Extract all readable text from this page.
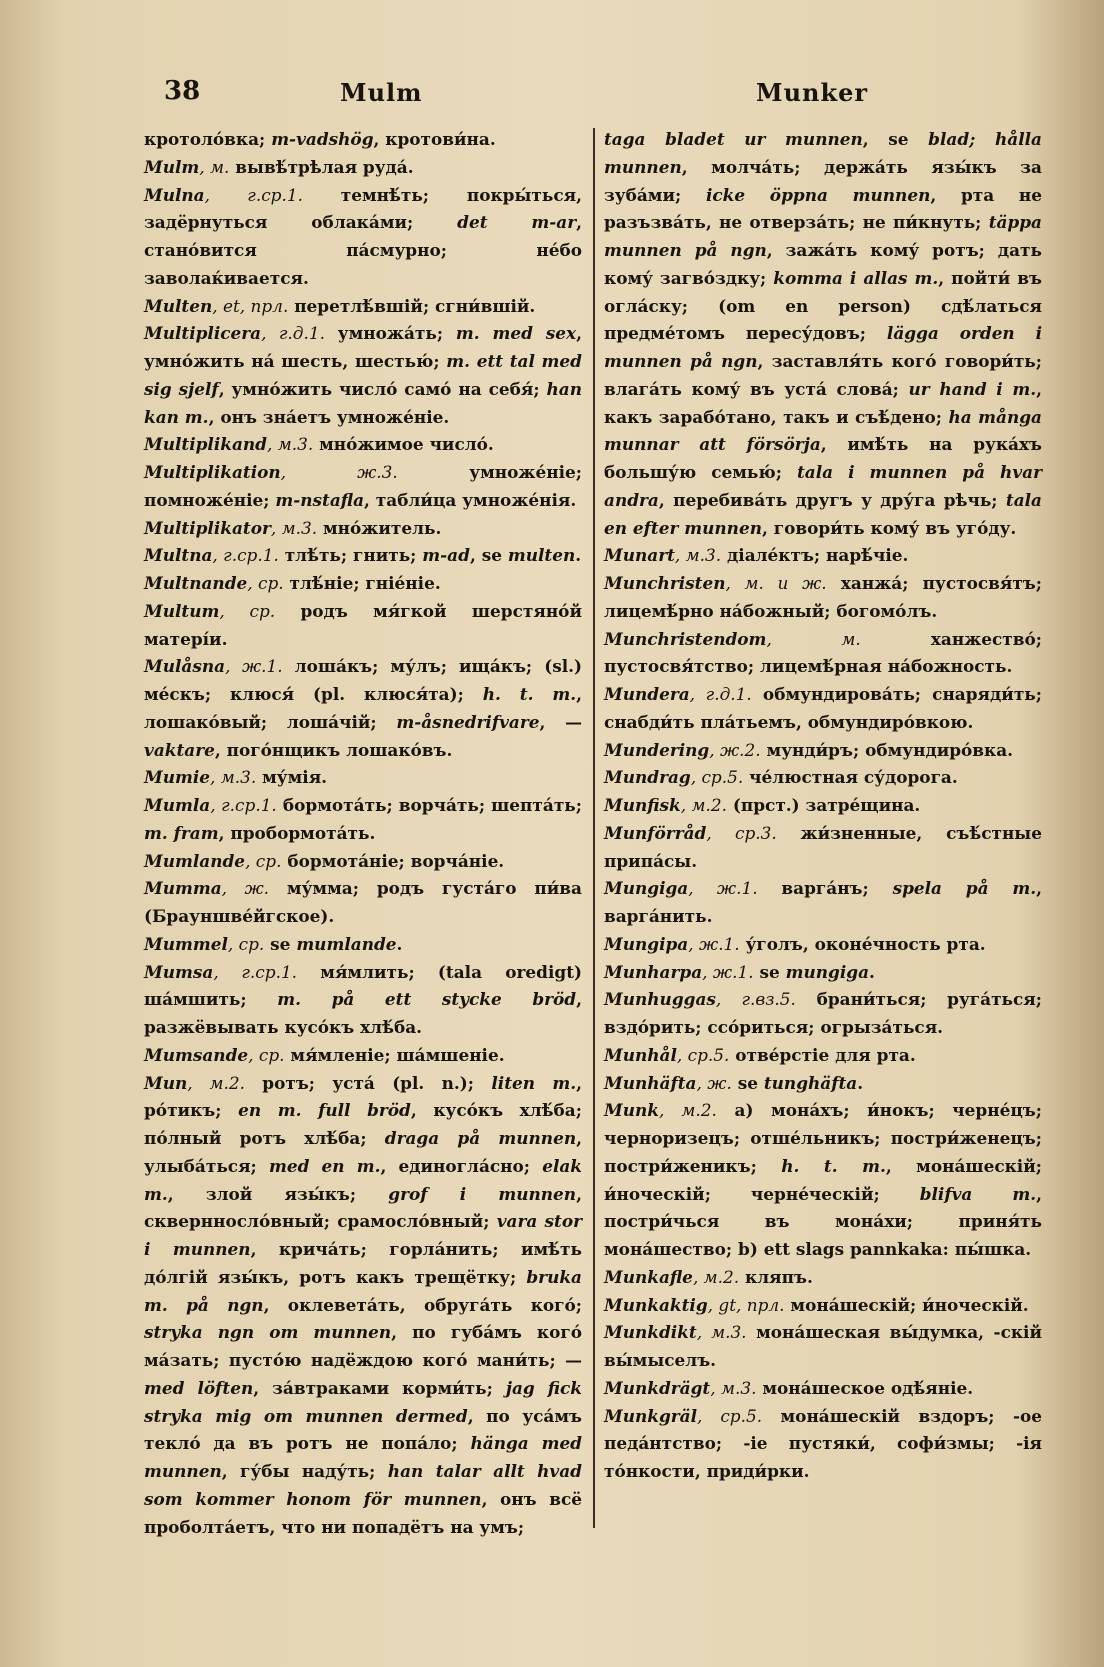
38	Mulm	Munker
кротоло́вка; m-vadshög, кротови́на.
Mulm, м. вывѣ́трѣлая руда́.
Mulna, г.ср.1. темнѣ́ть; покры́ться, задёрнуться облака́ми; det m-ar, стано́вится па́смурно; не́бо заволаќивается.
Multen, et, прл. перетлѣ́вшій; сгни́вшій.
Multiplicera, г.д.1. умножа́ть; m. med sex, умно́жить на́ шесть, шестью́; m. ett tal med sig sjelf, умно́жить число́ само́ на себя́; han kan m., онъ зна́етъ умноже́ніе.
Multiplikand, м.3. мно́жимое число́.
Multiplikation, ж.3. умноже́ніе; помноже́ніе; m-nstafla, табли́ца умноже́нія.
Multiplikator, м.3. мно́житель.
Multna, г.ср.1. тлѣ́ть; гнить; m-ad, se multen.
Multnande, ср. тлѣ́ніе; гніе́ніе.
Multum, ср. родъ мя́гкой шерстяно́й матерíи.
Mulåsna, ж.1. лоша́къ; му́лъ; ища́къ; (sl.) ме́скъ; клюся́ (pl. клюся́та); h. t. m., лошако́вый; лоша́чій; m-åsnedrifvare, — vaktare, пого́нщикъ лошако́въ.
Mumie, м.3. му́мія.
Mumla, г.ср.1. бормота́ть; ворча́ть; шепта́ть; m. fram, пробормота́ть.
Mumlande, ср. бормота́ніе; ворча́ніе.
Mumma, ж. му́мма; родъ густа́го пи́ва (Брауншве́йгское).
Mummel, ср. se mumlande.
Mumsa, г.ср.1. мя́млить; (tala oredigt) ша́мшить; m. på ett stycke bröd, разжёвывать кусо́къ хлѣ́ба.
Mumsande, ср. мя́мленіе; ша́мшеніе.
Mun, м.2. ротъ; уста́ (pl. n.); liten m., ро́тикъ; en m. full bröd, кусо́къ хлѣ́ба; по́лный ротъ хлѣ́ба; draga på munnen, улыба́ться; med en m., единогла́сно; elak m., злой язы́къ; grof i munnen, сквернносло́вный; срамосло́вный; vara stor i munnen, крича́ть; горла́нить; имѣ́ть до́лгій язы́къ, ротъ какъ трещётку; bruka m. på ngn, оклевета́ть, обруга́ть кого́; stryka ngn om munnen, по губа́мъ кого́ ма́зать; пусто́ю надёждою кого́ мани́ть; — med löften, за́втраками корми́ть; jag fick stryka mig om munnen dermed, по уса́мъ текло́ да въ ротъ не попа́ло; hänga med munnen, гу́бы наду́ть; han talar allt hvad som kommer honom för munnen, онъ всё проболта́етъ, что ни попадётъ на умъ;
taga bladet ur munnen, se blad; hålla munnen, молча́ть; держа́ть язы́къ за зуба́ми; icke öppna munnen, рта не разъзва́ть, не отверза́ть; не пи́кнуть; täppa munnen på ngn, зажа́ть кому́ ротъ; дать кому́ загво́здку; komma i allas m., пойти́ въ огла́ску; (om en person) сдѣ́латься предме́томъ пересу́довъ; lägga orden i munnen på ngn, заставля́ть кого́ говори́ть; влага́ть кому́ въ уста́ слова́; ur hand i m., какъ зарабо́тано, такъ и съѣ́дено; ha många munnar att försörja, имѣ́ть на рука́хъ большу́ю семью́; tala i munnen på hvar andra, перебива́ть другъ у дру́га рѣчь; tala en efter munnen, говори́ть кому́ въ уго́ду.
Munart, м.3. діале́ктъ; нарѣ́чіе.
Munchristen, м. и ж. ханжа́; пустосвя́тъ; лицемѣ́рно на́божный; богомо́лъ.
Munchristendom, м. ханжество́; пустосвя́тство; лицемѣ́рная на́божность.
Mundera, г.д.1. обмундирова́ть; снаряди́ть; снабди́ть пла́тьемъ, обмундиро́вкою.
Mundering, ж.2. мунди́ръ; обмундиро́вка.
Mundrag, ср.5. че́люстная су́дорога.
Munfisk, м.2. (прст.) затре́щина.
Munförråd, ср.3. жи́зненные, съѣ́стные припа́сы.
Mungiga, ж.1. варга́нъ; spela på m., варга́нить.
Mungipa, ж.1. у́голъ, оконе́чность рта.
Munharpa, ж.1. se mungiga.
Munhuggas, г.вз.5. брани́ться; руга́ться; вздо́рить; ссо́риться; огрыза́ться.
Munhål, ср.5. отве́рстіе для рта.
Munhäfta, ж. se tunghäfta.
Munk, м.2. a) мона́хъ; и́нокъ; черне́цъ; черноризецъ; отше́льникъ; постри́женецъ; постри́женикъ; h. t. m., мона́шескій; и́ноческій; черне́ческій; blifva m., постри́чься въ мона́хи; приня́ть мона́шество; b) ett slags pannkaka: пы́шка.
Munkafle, м.2. кляпъ.
Munkaktig, gt, прл. мона́шескій; и́ноческій.
Munkdikt, м.3. мона́шеская вы́думка, -скій вы́мыселъ.
Munkdrägt, м.3. мона́шеское одѣ́яніе.
Munkgräl, ср.5. мона́шескій вздоръ; -ое педа́нтство; -іе пустяки́, софи́змы; -ія то́нкости, приди́рки.
